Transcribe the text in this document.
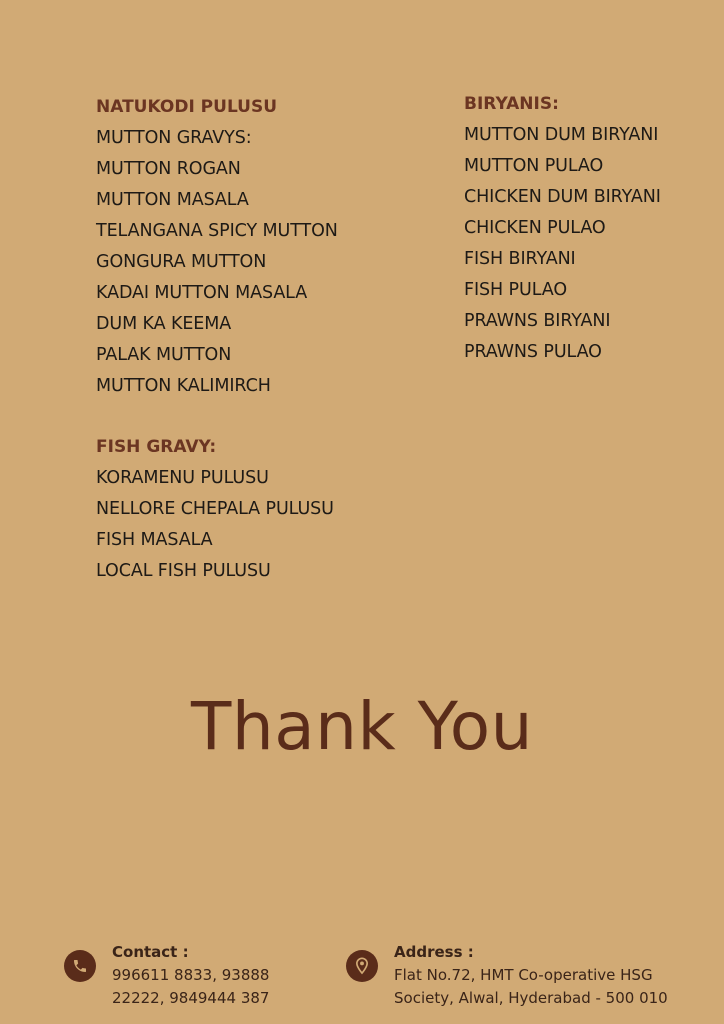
NATUKODI PULUSU
MUTTON GRAVYS:
MUTTON ROGAN
MUTTON MASALA
TELANGANA SPICY MUTTON
GONGURA MUTTON
KADAI MUTTON MASALA
DUM KA KEEMA
PALAK MUTTON
MUTTON KALIMIRCH
FISH GRAVY:
KORAMENU PULUSU
NELLORE CHEPALA PULUSU
FISH MASALA
LOCAL FISH PULUSU
BIRYANIS:
MUTTON DUM BIRYANI
MUTTON PULAO
CHICKEN DUM BIRYANI
CHICKEN PULAO
FISH BIRYANI
FISH PULAO
PRAWNS BIRYANI
PRAWNS PULAO
Thank You
Contact :
996611 8833, 93888
22222, 9849444 387
Address :
Flat No.72, HMT Co-operative HSG
Society, Alwal, Hyderabad - 500 010
